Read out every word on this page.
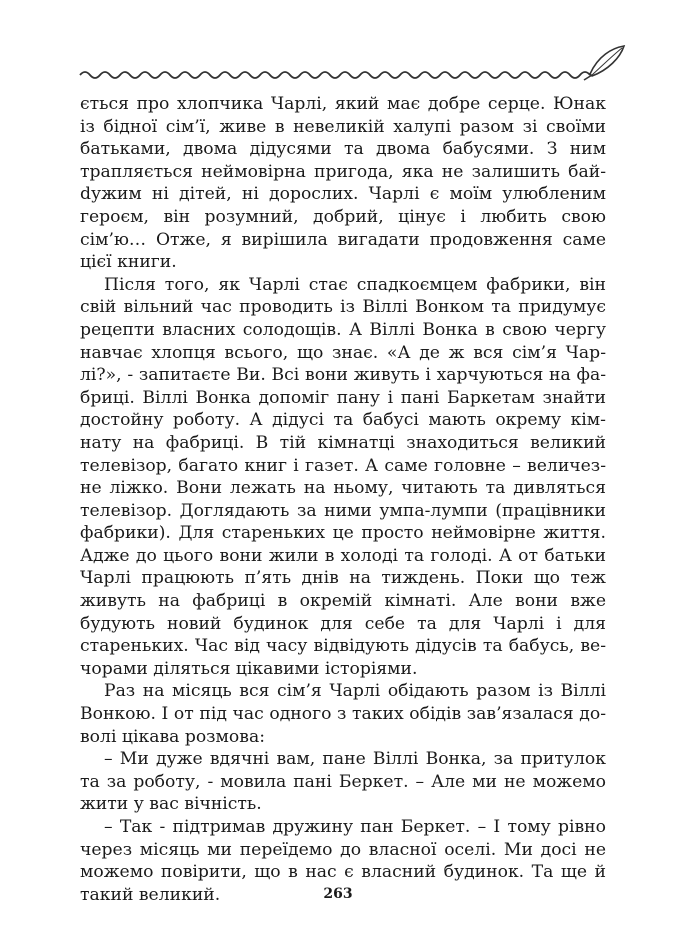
ється про хлопчика Чарлі, який має добре серце. Юнак із бідної сім’ї, живе в невеликій халупі разом зі своїми батьками, двома дідусями та двома бабусями. З ним трапляється неймовірна пригода, яка не залишить байdужим ні дітей, ні дорослих. Чарлі є моїм улюбленим героєм, він розумний, добрий, цінує і любить свою сім’ю… Отже, я вирішила вигадати продовження саме цієї книги.

Після того, як Чарлі стає спадкоємцем фабрики, він свій вільний час проводить із Віллі Вонком та придумує рецепти власних солодощів. А Віллі Вонка в свою чергу навчає хлопця всього, що знає. «А де ж вся сім’я Чарлі?», - запитаєте Ви. Всі вони живуть і харчуються на фабриці. Віллі Вонка допоміг пану і пані Баркетам знайти достойну роботу. А дідусі та бабусі мають окрему кімнату на фабриці. В тій кімнатці знаходиться великий телевізор, багато книг і газет. А саме головне – величезне ліжко. Вони лежать на ньому, читають та дивляться телевізор. Доглядають за ними умпа-лумпи (працівники фабрики). Для стареньких це просто неймовірне життя. Адже до цього вони жили в холоді та голоді. А от батьки Чарлі працюють п’ять днів на тиждень. Поки що теж живуть на фабриці в окремій кімнаті. Але вони вже будують новий будинок для себе та для Чарлі і для стареньких. Час від часу відвідують дідусів та бабусь, вечорами діляться цікавими історіями.

Раз на місяць вся сім’я Чарлі обідають разом із Віллі Вонкою. І от під час одного з таких обідів зав’язалася доволі цікава розмова:

– Ми дуже вдячні вам, пане Віллі Вонка, за притулок та за роботу, - мовила пані Беркет. – Але ми не можемо жити у вас вічність.

– Так - підтримав дружину пан Беркет. – І тому рівно через місяць ми переїдемо до власної оселі. Ми досі не можемо повірити, що в нас є власний будинок. Та ще й такий великий.	263
